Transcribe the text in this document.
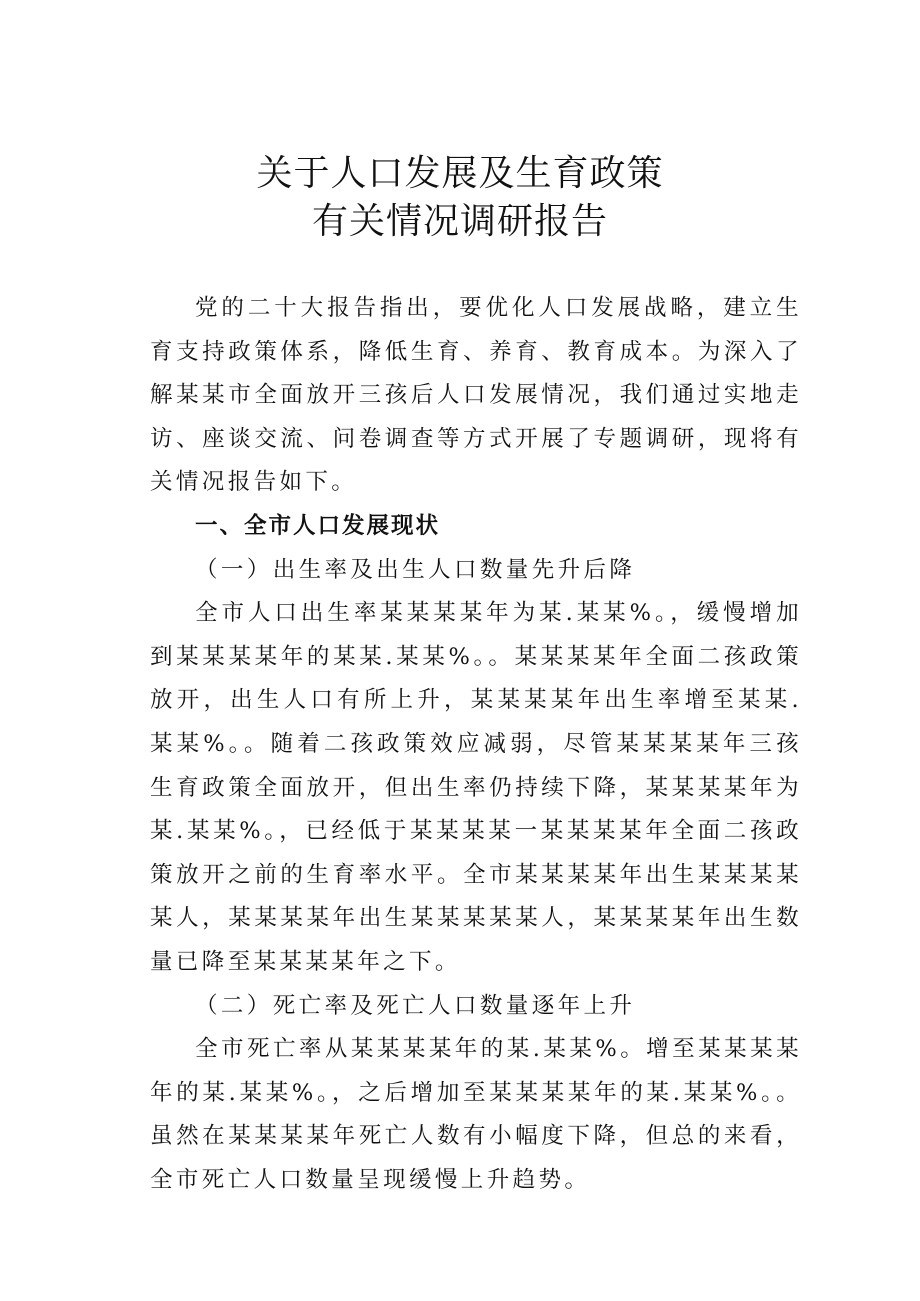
关于人口发展及生育政策
有关情况调研报告

党的二十大报告指出，要优化人口发展战略，建立生育支持政策体系，降低生育、养育、教育成本。为深入了解某某市全面放开三孩后人口发展情况，我们通过实地走访、座谈交流、问卷调查等方式开展了专题调研，现将有关情况报告如下。

一、全市人口发展现状

（一）出生率及出生人口数量先升后降

全市人口出生率某某某某年为某.某某%。，缓慢增加到某某某某年的某某.某某%。。某某某某年全面二孩政策放开，出生人口有所上升，某某某某年出生率增至某某.某某%。。随着二孩政策效应减弱，尽管某某某某年三孩生育政策全面放开，但出生率仍持续下降，某某某某年为某.某某%。，已经低于某某某某一某某某某年全面二孩政策放开之前的生育率水平。全市某某某某年出生某某某某某人，某某某某年出生某某某某某人，某某某某年出生数量已降至某某某某年之下。

（二）死亡率及死亡人口数量逐年上升

全市死亡率从某某某某年的某.某某%。增至某某某某年的某.某某%。，之后增加至某某某某年的某.某某%。。虽然在某某某某年死亡人数有小幅度下降，但总的来看，全市死亡人口数量呈现缓慢上升趋势。
